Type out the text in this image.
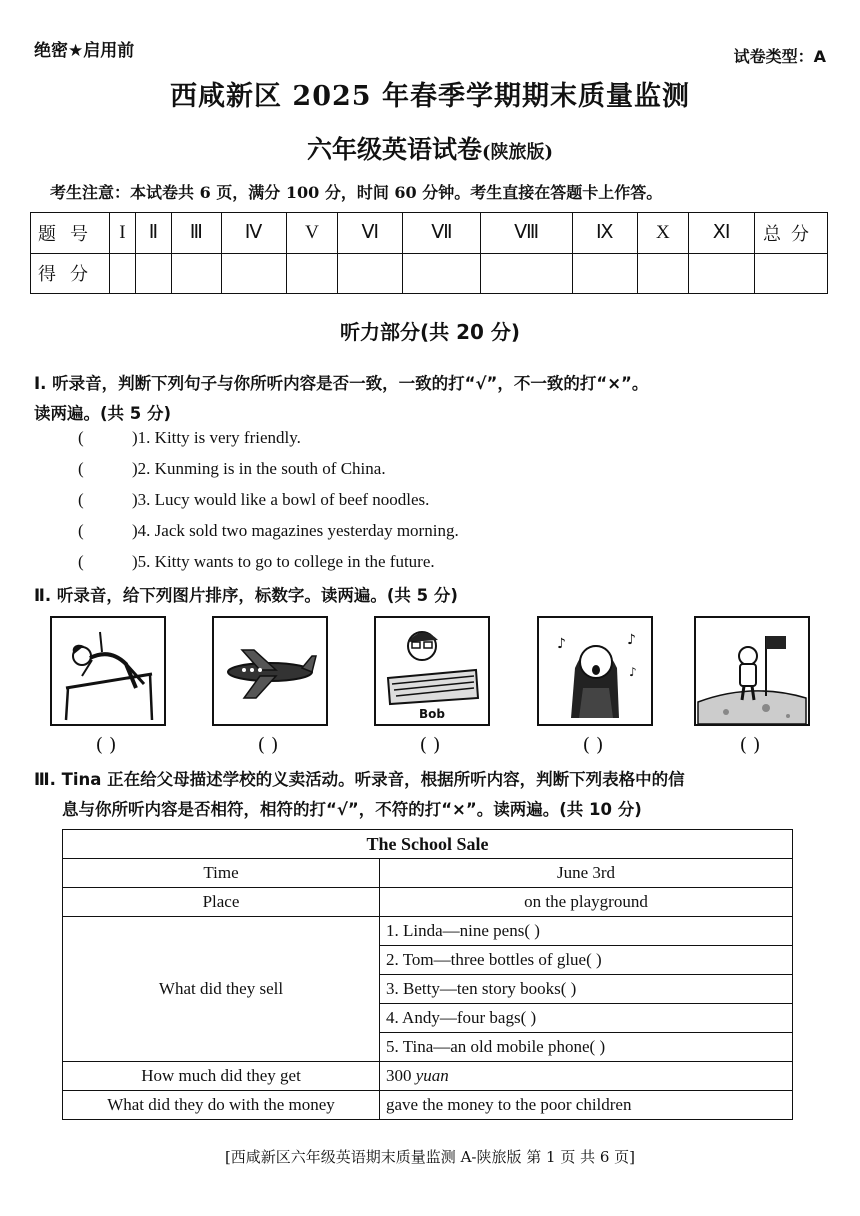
绝密★启用前	试卷类型：A
西咸新区 2025 年春季学期期末质量监测
六年级英语试卷(陕旅版)
考生注意：本试卷共 6 页，满分 100 分，时间 60 分钟。考生直接在答题卡上作答。
题号	I	Ⅱ	Ⅲ	Ⅳ	V	Ⅵ	Ⅶ	Ⅷ	Ⅸ	X	Ⅺ	总分
得分												
听力部分(共 20 分)
I. 听录音，判断下列句子与你所听内容是否一致，一致的打“√”，不一致的打“×”。
读两遍。(共 5 分)
(	)1. Kitty is very friendly.
(	)2. Kunming is in the south of China.
(	)3. Lucy would like a bowl of beef noodles.
(	)4. Jack sold two magazines yesterday morning.
(	)5. Kitty wants to go to college in the future.
Ⅱ. 听录音，给下列图片排序，标数字。读两遍。(共 5 分)
Bob
♪	♪
♪
( )	( )	( )	( )	( )
Ⅲ. Tina 正在给父母描述学校的义卖活动。听录音，根据所听内容，判断下列表格中的信
息与你所听内容是否相符，相符的打“√”，不符的打“×”。读两遍。(共 10 分)
The School Sale	
Time	June 3rd
Place	on the playground
What did they sell	1. Linda—nine pens( )
	2. Tom—three bottles of glue( )
	3. Betty—ten story books( )
	4. Andy—four bags( )
	5. Tina—an old mobile phone( )
How much did they get	300 yuan
What did they do with the money	gave the money to the poor children
[西咸新区六年级英语期末质量监测 A-陕旅版 第 1 页 共 6 页]
